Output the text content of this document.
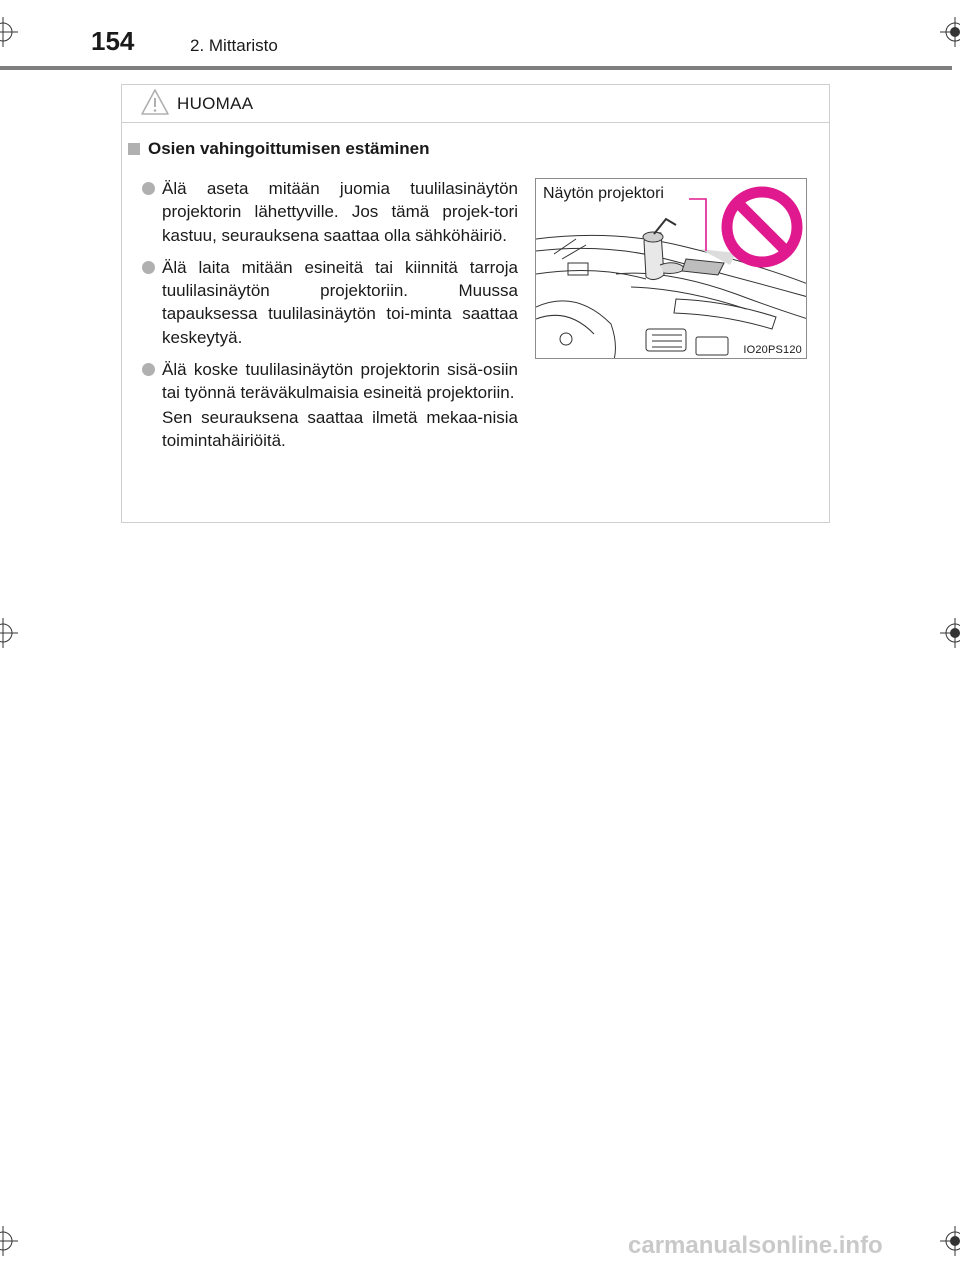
154	2. Mittaristo
HUOMAA
Osien vahingoittumisen estäminen
Älä aseta mitään juomia tuulilasinäytön projektorin lähettyville. Jos tämä projek-tori kastuu, seurauksena saattaa olla sähköhäiriö.
Älä laita mitään esineitä tai kiinnitä tarroja tuulilasinäytön projektoriin. Muussa tapauksessa tuulilasinäytön toi-minta saattaa keskeytyä.
Älä koske tuulilasinäytön projektorin sisä-osiin tai työnnä teräväkulmaisia esineitä projektoriin.
Sen seurauksena saattaa ilmetä mekaa-nisia toimintahäiriöitä.
Näytön projektori
IO20PS120
carmanualsonline.info
